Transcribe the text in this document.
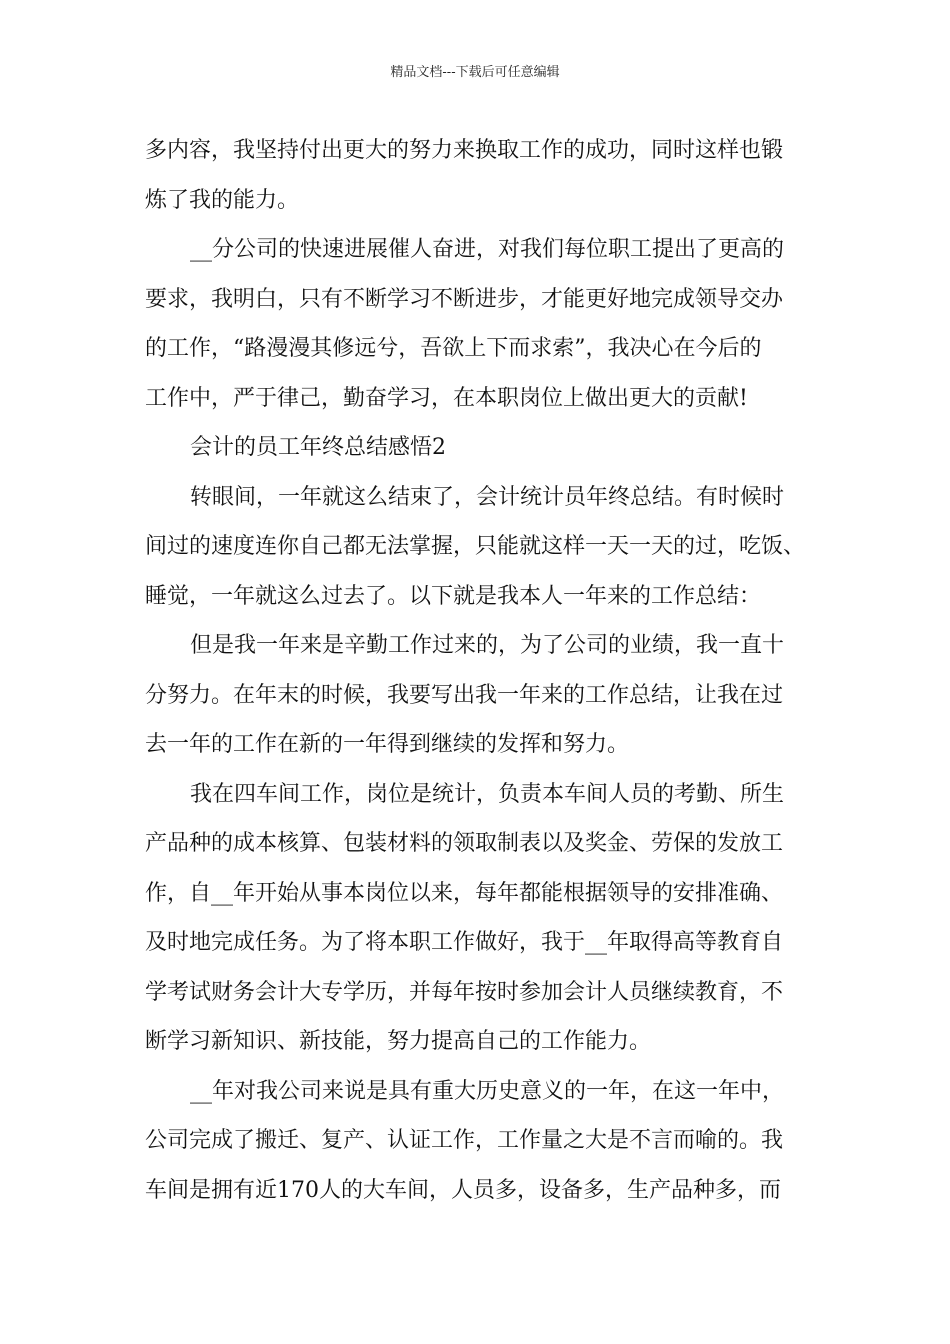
精品文档---下载后可任意编辑
多内容，我坚持付出更大的努力来换取工作的成功，同时这样也锻
炼了我的能力。
__分公司的快速进展催人奋进，对我们每位职工提出了更高的
要求，我明白，只有不断学习不断进步，才能更好地完成领导交办
的工作，“路漫漫其修远兮，吾欲上下而求索”，我决心在今后的
工作中，严于律己，勤奋学习，在本职岗位上做出更大的贡献!
会计的员工年终总结感悟2
转眼间，一年就这么结束了，会计统计员年终总结。有时候时
间过的速度连你自己都无法掌握，只能就这样一天一天的过，吃饭、
睡觉，一年就这么过去了。以下就是我本人一年来的工作总结：
但是我一年来是辛勤工作过来的，为了公司的业绩，我一直十
分努力。在年末的时候，我要写出我一年来的工作总结，让我在过
去一年的工作在新的一年得到继续的发挥和努力。
我在四车间工作，岗位是统计，负责本车间人员的考勤、所生
产品种的成本核算、包装材料的领取制表以及奖金、劳保的发放工
作，自__年开始从事本岗位以来，每年都能根据领导的安排准确、
及时地完成任务。为了将本职工作做好，我于__年取得高等教育自
学考试财务会计大专学历，并每年按时参加会计人员继续教育，不
断学习新知识、新技能，努力提高自己的工作能力。
__年对我公司来说是具有重大历史意义的一年，在这一年中，
公司完成了搬迁、复产、认证工作，工作量之大是不言而喻的。我
车间是拥有近170人的大车间，人员多，设备多，生产品种多，而
